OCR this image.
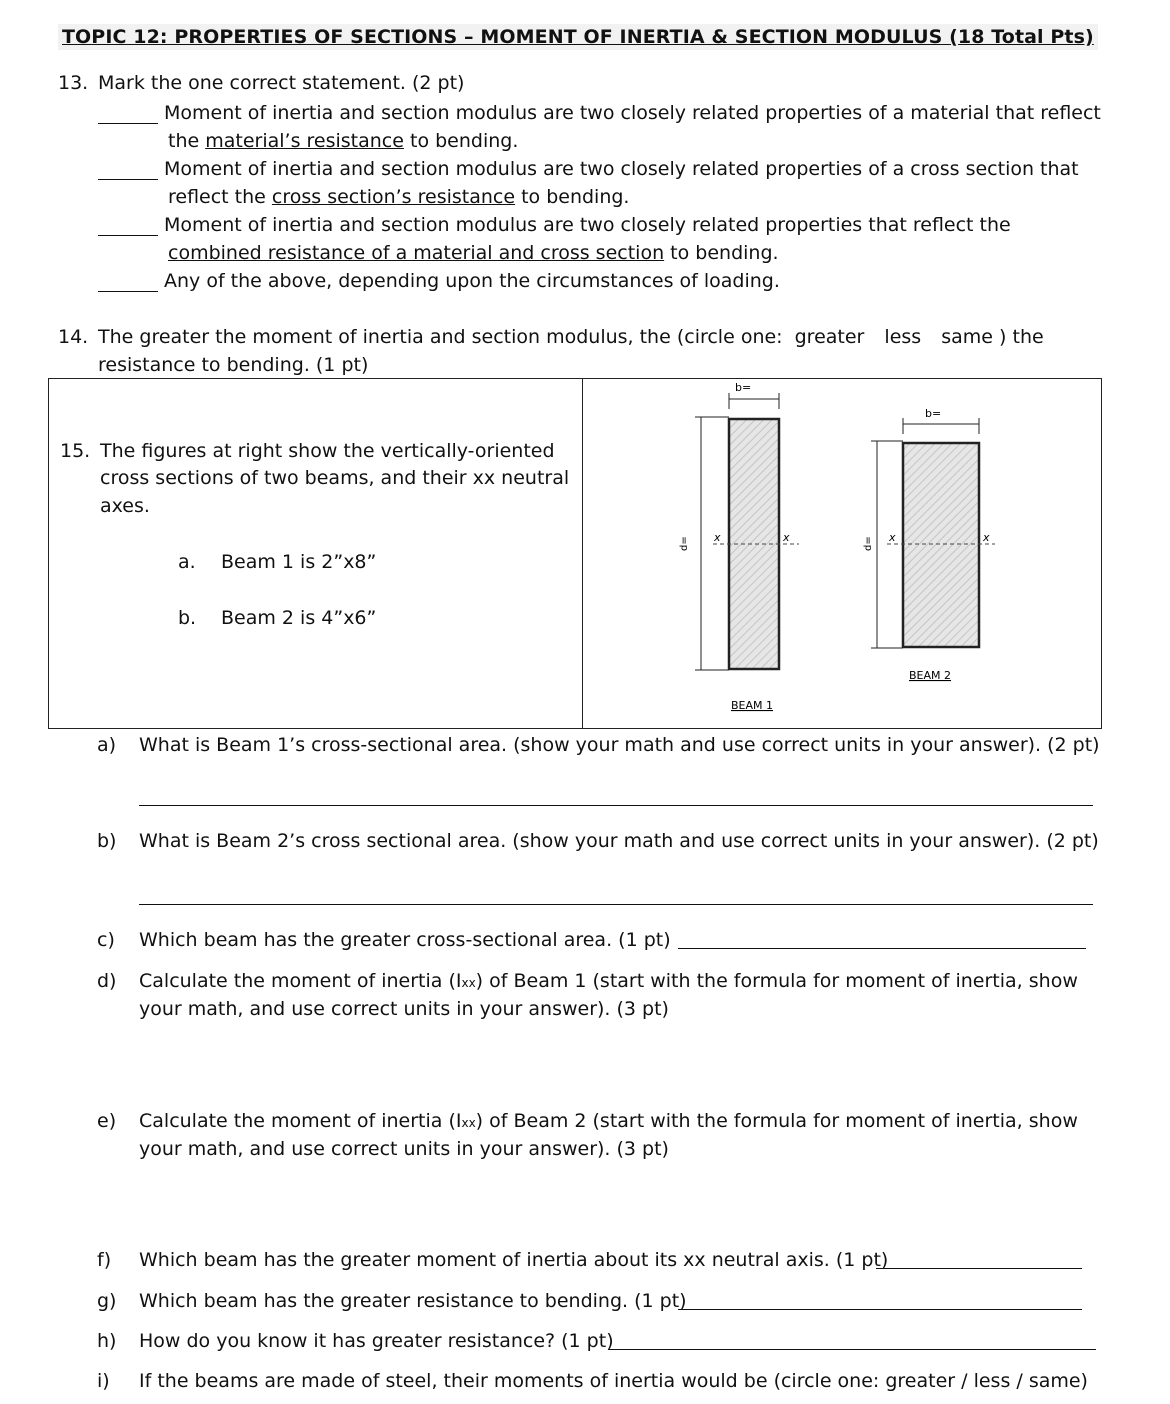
TOPIC 12: PROPERTIES OF SECTIONS – MOMENT OF INERTIA & SECTION MODULUS (18 Total Pts)
13. Mark the one correct statement. (2 pt)
Moment of inertia and section modulus are two closely related properties of a material that reflect
the material’s resistance to bending.
Moment of inertia and section modulus are two closely related properties of a cross section that
reflect the cross section’s resistance to bending.
Moment of inertia and section modulus are two closely related properties that reflect the
combined resistance of a material and cross section to bending.
Any of the above, depending upon the circumstances of loading.
14. The greater the moment of inertia and section modulus, the (circle one: greater less same ) the
resistance to bending. (1 pt)
15. The figures at right show the vertically-oriented
cross sections of two beams, and their xx neutral
axes.
a. Beam 1 is 2”x8”
b. Beam 2 is 4”x6”
b=
d= x	x
BEAM 1
b=
d= x	x
BEAM 2
a) What is Beam 1’s cross-sectional area. (show your math and use correct units in your answer). (2 pt)
b) What is Beam 2’s cross sectional area. (show your math and use correct units in your answer). (2 pt)
c) Which beam has the greater cross-sectional area. (1 pt)
d) Calculate the moment of inertia (Ixx) of Beam 1 (start with the formula for moment of inertia, show
your math, and use correct units in your answer). (3 pt)
e) Calculate the moment of inertia (Ixx) of Beam 2 (start with the formula for moment of inertia, show
your math, and use correct units in your answer). (3 pt)
f) Which beam has the greater moment of inertia about its xx neutral axis. (1 pt)
g) Which beam has the greater resistance to bending. (1 pt)
h) How do you know it has greater resistance? (1 pt)
i) If the beams are made of steel, their moments of inertia would be (circle one: greater / less / same)
